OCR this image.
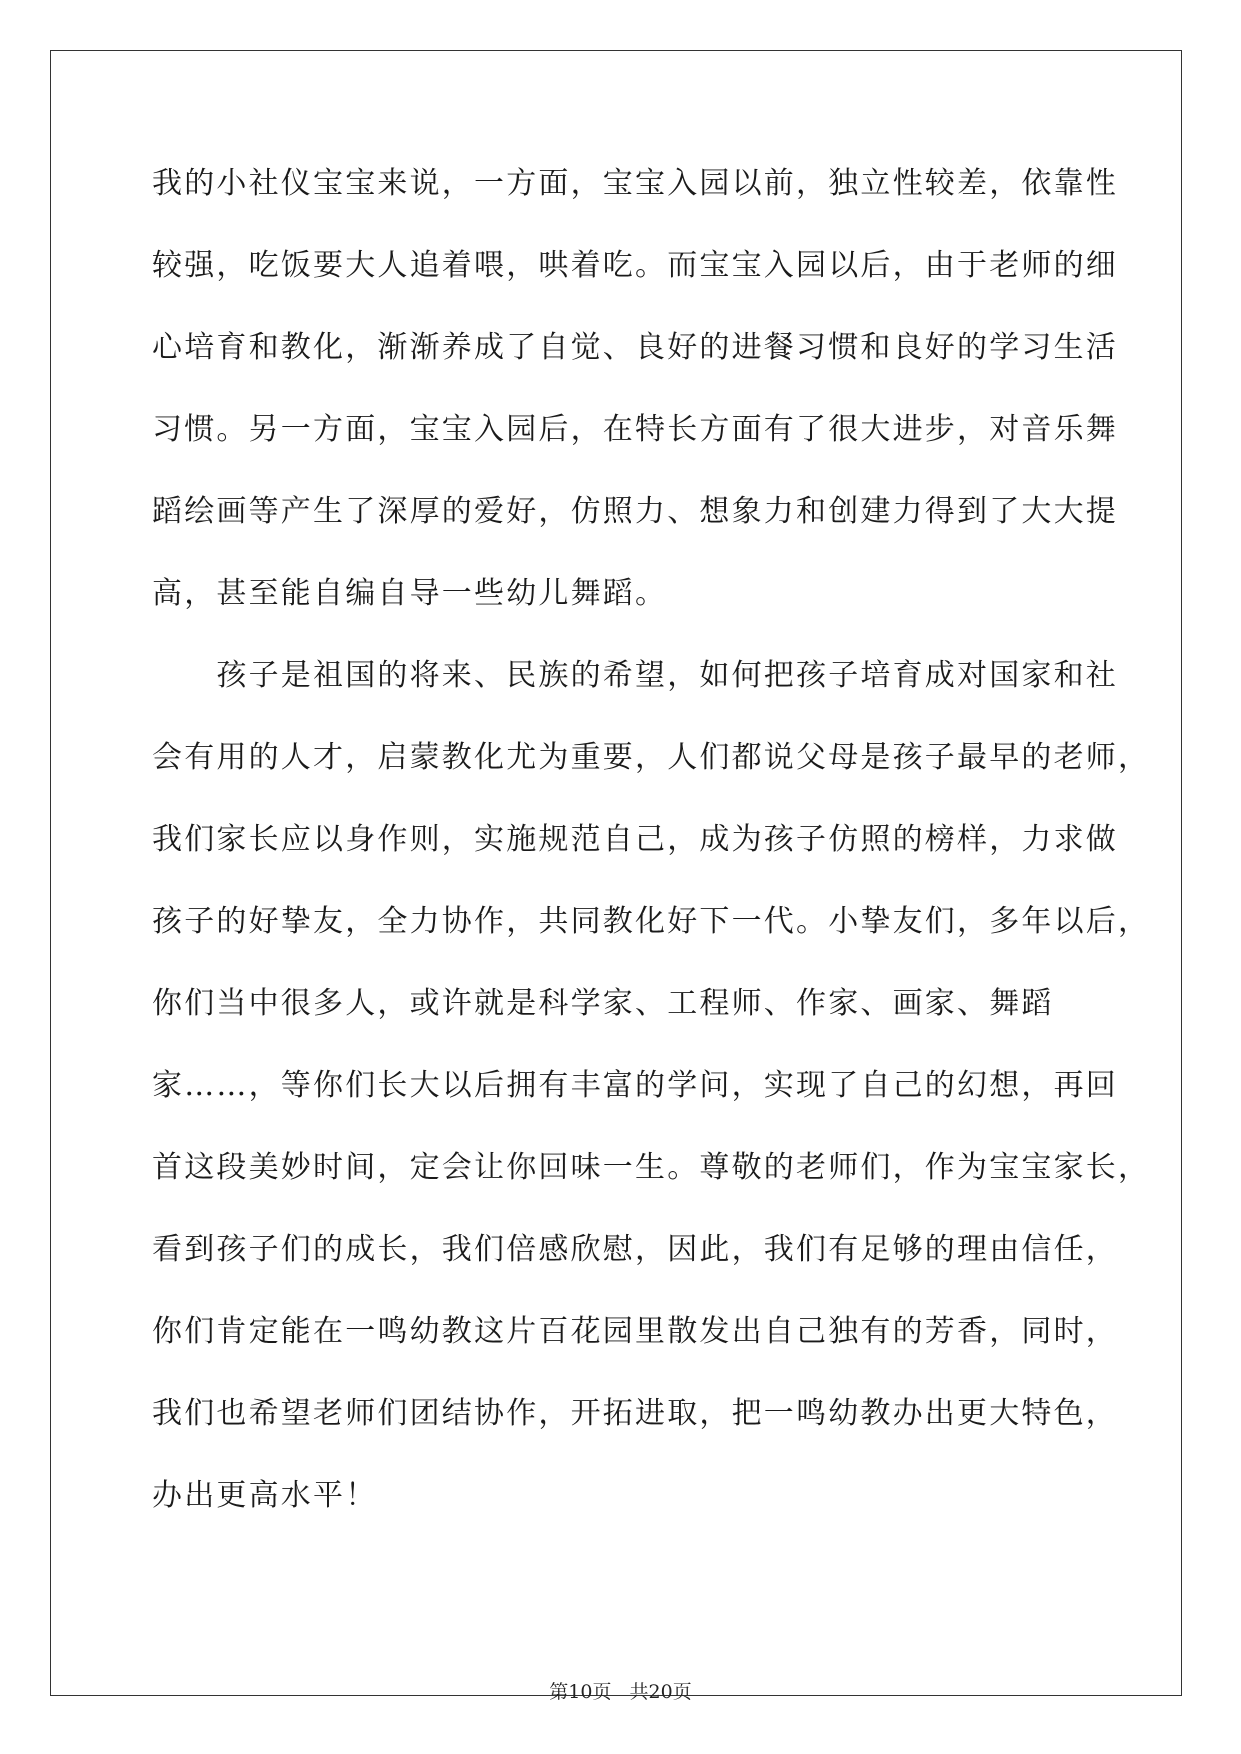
我的小社仪宝宝来说，一方面，宝宝入园以前，独立性较差，依靠性
较强，吃饭要大人追着喂，哄着吃。而宝宝入园以后，由于老师的细
心培育和教化，渐渐养成了自觉、良好的进餐习惯和良好的学习生活
习惯。另一方面，宝宝入园后，在特长方面有了很大进步，对音乐舞
蹈绘画等产生了深厚的爱好，仿照力、想象力和创建力得到了大大提
高，甚至能自编自导一些幼儿舞蹈。
　　孩子是祖国的将来、民族的希望，如何把孩子培育成对国家和社
会有用的人才，启蒙教化尤为重要，人们都说父母是孩子最早的老师，
我们家长应以身作则，实施规范自己，成为孩子仿照的榜样，力求做
孩子的好挚友，全力协作，共同教化好下一代。小挚友们，多年以后，
你们当中很多人，或许就是科学家、工程师、作家、画家、舞蹈
家……，等你们长大以后拥有丰富的学问，实现了自己的幻想，再回
首这段美妙时间，定会让你回味一生。尊敬的老师们，作为宝宝家长，
看到孩子们的成长，我们倍感欣慰，因此，我们有足够的理由信任，
你们肯定能在一鸣幼教这片百花园里散发出自己独有的芳香，同时，
我们也希望老师们团结协作，开拓进取，把一鸣幼教办出更大特色，
办出更高水平！
第10页 共20页
